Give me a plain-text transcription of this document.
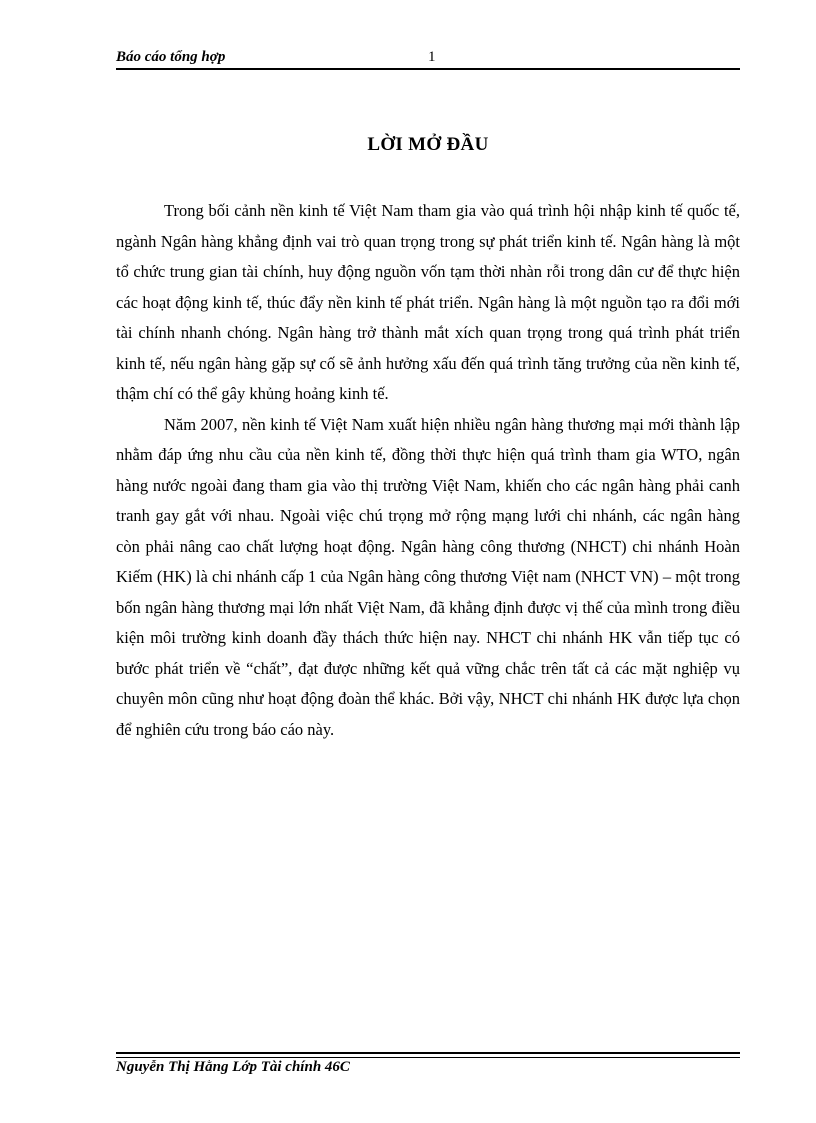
Báo cáo tổng hợp	1
LỜI MỞ ĐẦU

Trong bối cảnh nền kinh tế Việt Nam tham gia vào quá trình hội nhập kinh tế quốc tế, ngành Ngân hàng khẳng định vai trò quan trọng trong sự phát triển kinh tế. Ngân hàng là một tổ chức trung gian tài chính, huy động nguồn vốn tạm thời nhàn rỗi trong dân cư để thực hiện các hoạt động kinh tế, thúc đẩy nền kinh tế phát triển. Ngân hàng là một nguồn tạo ra đổi mới tài chính nhanh chóng. Ngân hàng trở thành mắt xích quan trọng trong quá trình phát triển kinh tế, nếu ngân hàng gặp sự cố sẽ ảnh hưởng xấu đến quá trình tăng trưởng của nền kinh tế, thậm chí có thể gây khủng hoảng kinh tế.

Năm 2007, nền kinh tế Việt Nam xuất hiện nhiều ngân hàng thương mại mới thành lập nhằm đáp ứng nhu cầu của nền kinh tế, đồng thời thực hiện quá trình tham gia WTO, ngân hàng nước ngoài đang tham gia vào thị trường Việt Nam, khiến cho các ngân hàng phải canh tranh gay gắt với nhau. Ngoài việc chú trọng mở rộng mạng lưới chi nhánh, các ngân hàng còn phải nâng cao chất lượng hoạt động. Ngân hàng công thương (NHCT) chi nhánh Hoàn Kiếm (HK) là chi nhánh cấp 1 của Ngân hàng công thương Việt nam (NHCT VN) – một trong bốn ngân hàng thương mại lớn nhất Việt Nam, đã khẳng định được vị thế của mình trong điều kiện môi trường kinh doanh đầy thách thức hiện nay. NHCT chi nhánh HK vẫn tiếp tục có bước phát triển về “chất”, đạt được những kết quả vững chắc trên tất cả các mặt nghiệp vụ chuyên môn cũng như hoạt động đoàn thể khác. Bởi vậy, NHCT chi nhánh HK được lựa chọn để nghiên cứu trong báo cáo này.

Nguyễn Thị Hằng Lớp Tài chính 46C
